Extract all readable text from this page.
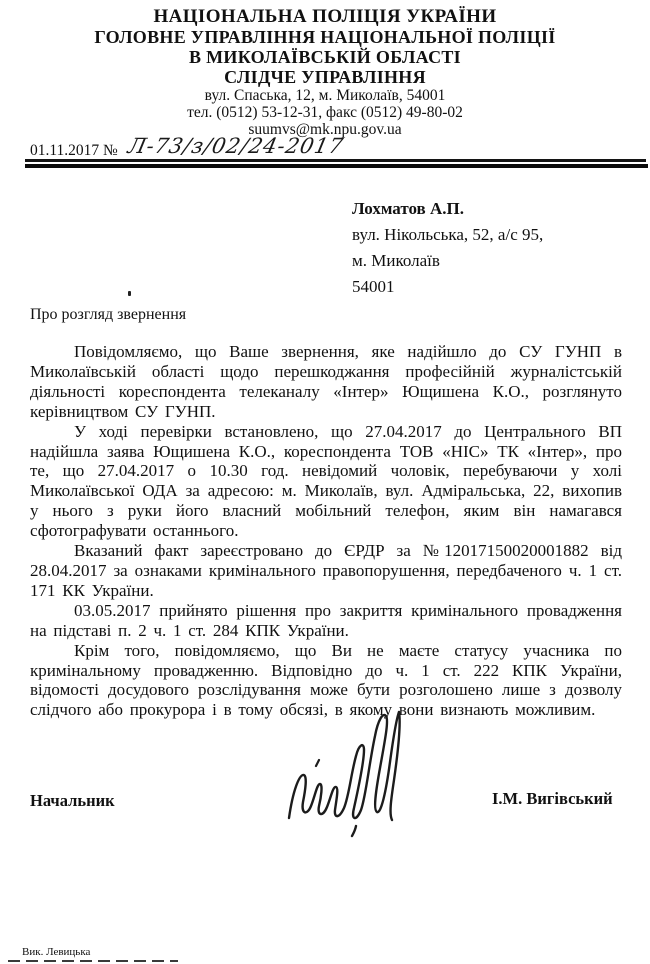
НАЦІОНАЛЬНА ПОЛІЦІЯ УКРАЇНИ
ГОЛОВНЕ УПРАВЛІННЯ НАЦІОНАЛЬНОЇ ПОЛІЦІЇ
В МИКОЛАЇВСЬКІЙ ОБЛАСТІ
СЛІДЧЕ УПРАВЛІННЯ
вул. Спаська, 12, м. Миколаїв, 54001
тел. (0512) 53-12-31, факс (0512) 49-80-02
suumvs@mk.npu.gov.ua
01.11.2017 № Л-73/з/02/24-2017
Лохматов А.П.
вул. Нікольська, 52, а/с 95,
м. Миколаїв
54001
Про розгляд звернення

Повідомляємо, що Ваше звернення, яке надійшло до СУ ГУНП в Миколаївській області щодо перешкоджання професійній журналістській діяльності кореспондента телеканалу «Інтер» Ющишена К.О., розглянуто керівництвом СУ ГУНП.

У ході перевірки встановлено, що 27.04.2017 до Центрального ВП надійшла заява Ющишена К.О., кореспондента ТОВ «НІС» ТК «Інтер», про те, що 27.04.2017 о 10.30 год. невідомий чоловік, перебуваючи у холі Миколаївської ОДА за адресою: м. Миколаїв, вул. Адміральська, 22, вихопив у нього з руки його власний мобільний телефон, яким він намагався сфотографувати останнього.

Вказаний факт зареєстровано до ЄРДР за №12017150020001882 від 28.04.2017 за ознаками кримінального правопорушення, передбаченого ч. 1 ст. 171 КК України.

03.05.2017 прийнято рішення про закриття кримінального провадження на підставі п. 2 ч. 1 ст. 284 КПК України.

Крім того, повідомляємо, що Ви не маєте статусу учасника по кримінальному провадженню. Відповідно до ч. 1 ст. 222 КПК України, відомості досудового розслідування може бути розголошено лише з дозволу слідчого або прокурора і в тому обсязі, в якому вони визнають можливим.

Начальник	І.М. Вигівський
Вик. Левицька
